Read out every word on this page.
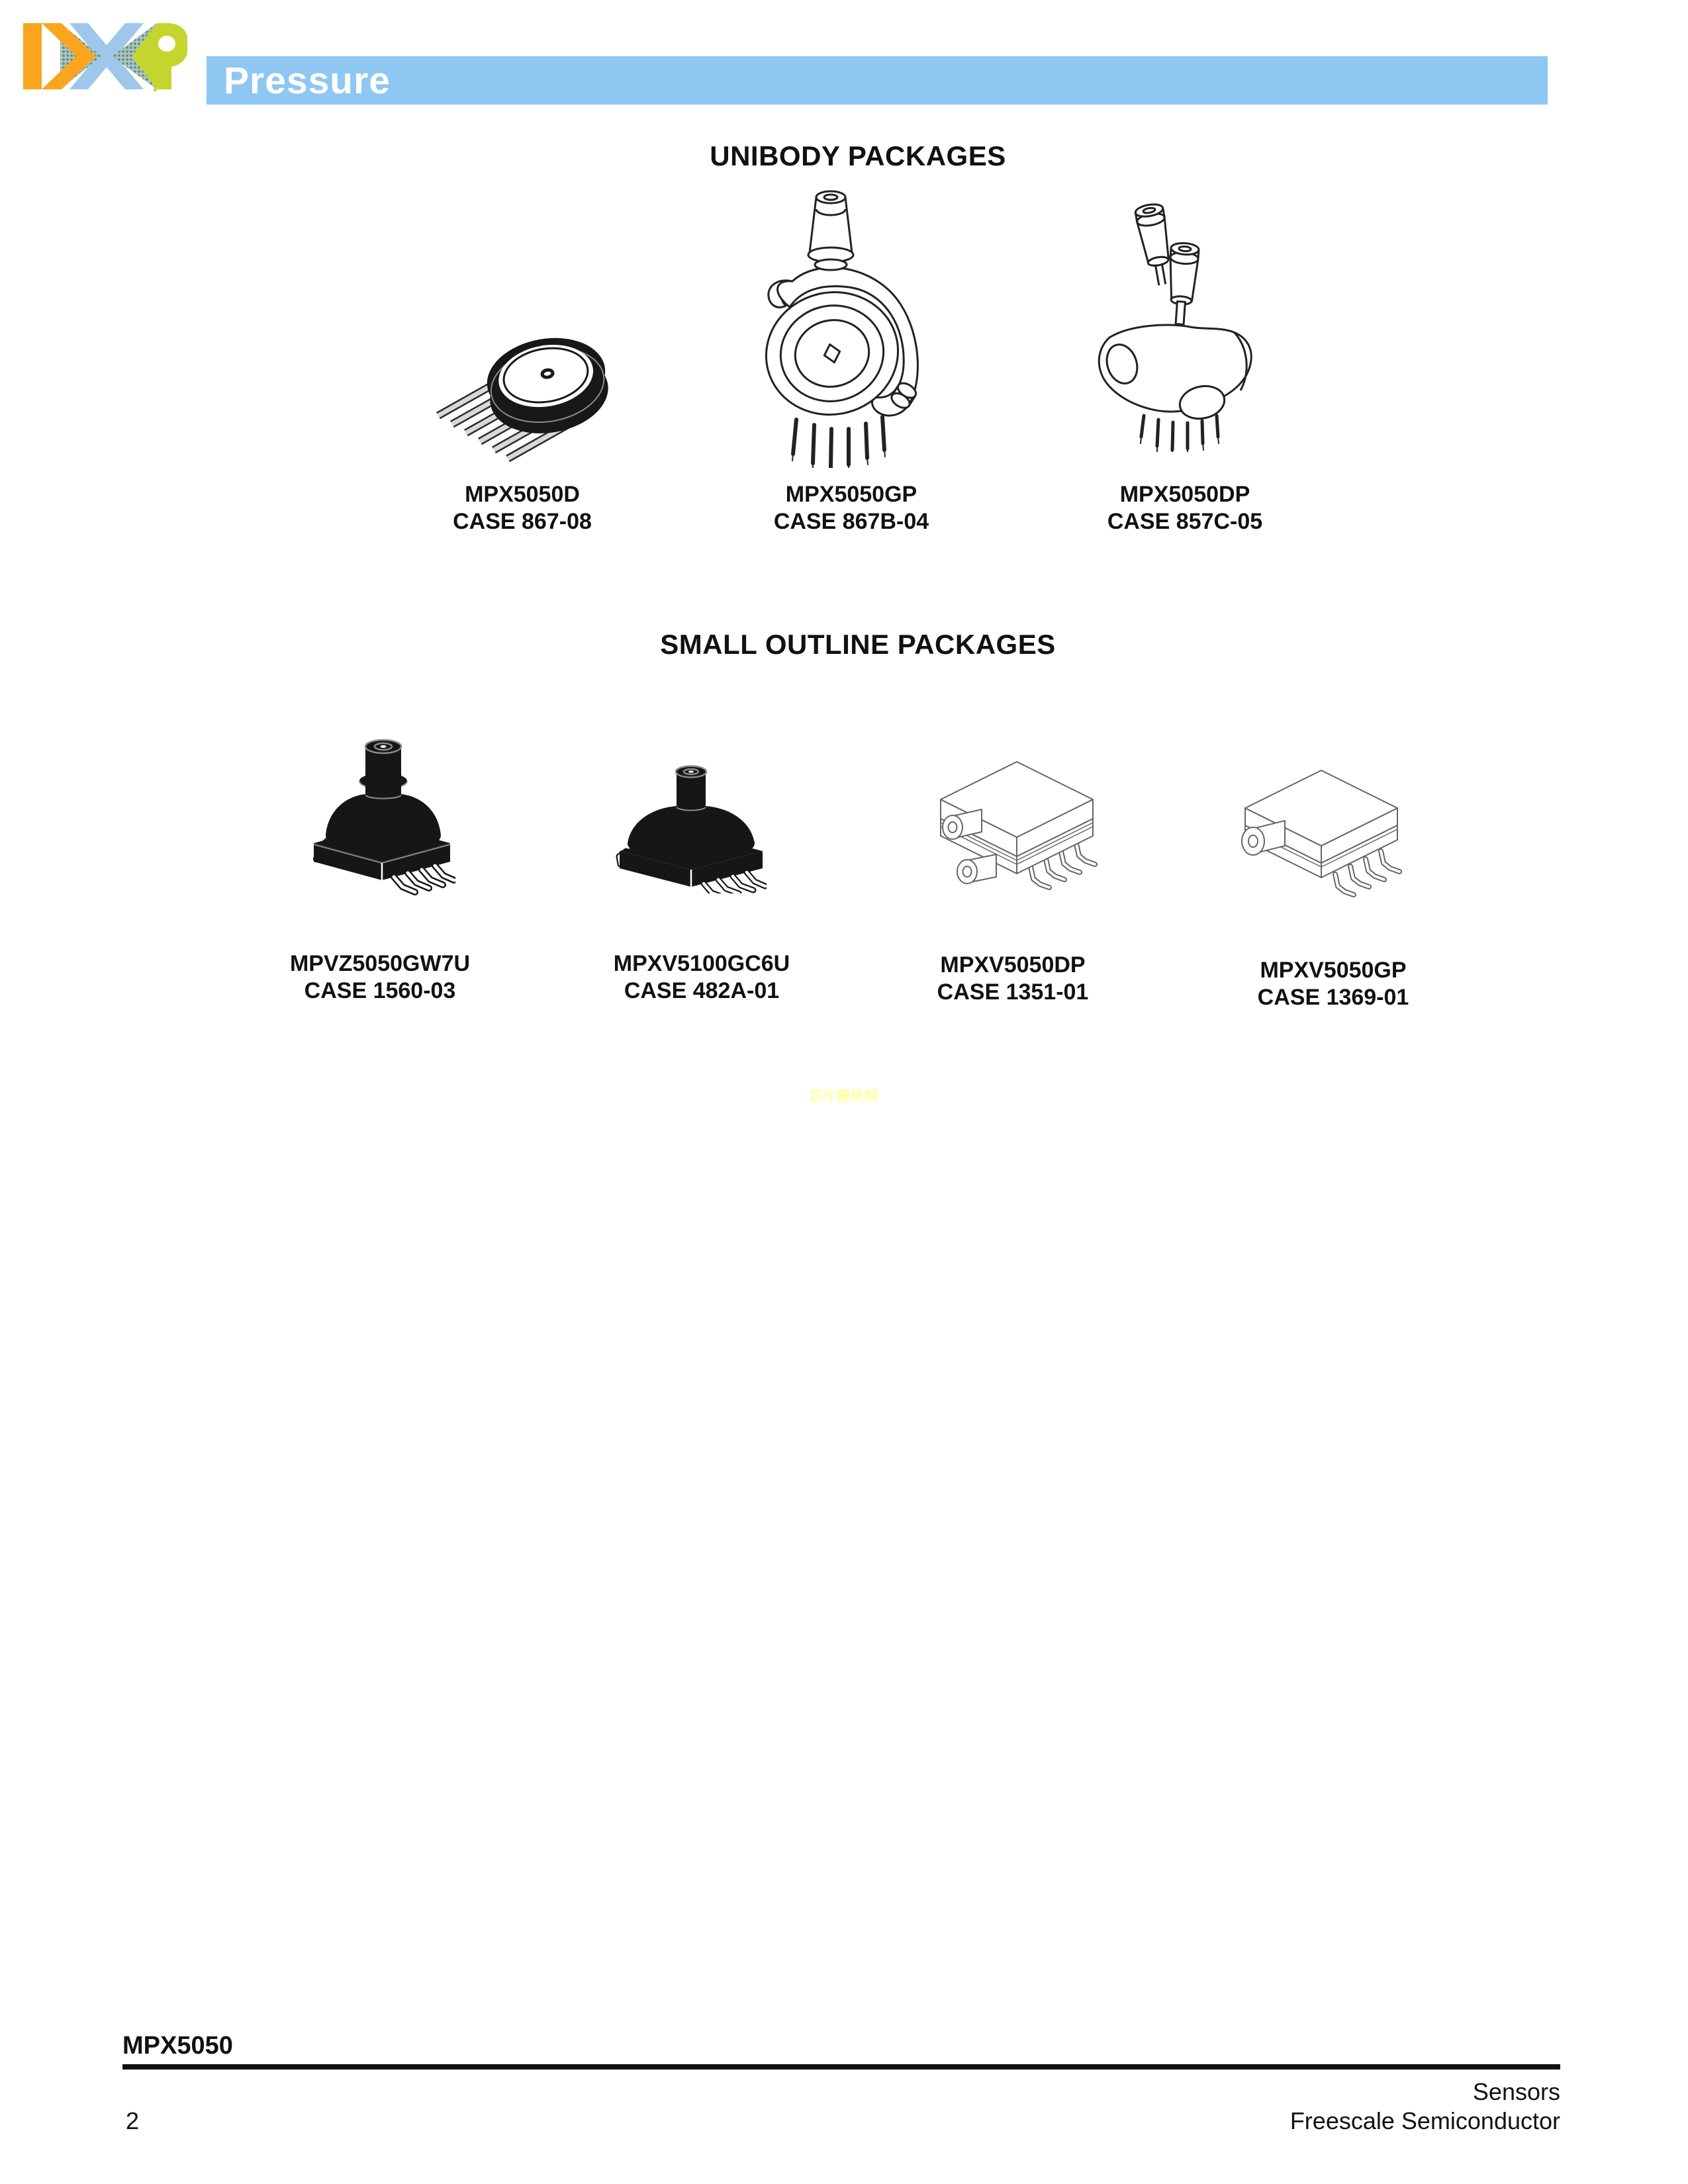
Pressure
UNIBODY PACKAGES
MPX5050D
CASE 867-08
MPX5050GP
CASE 867B-04
MPX5050DP
CASE 857C-05
SMALL OUTLINE PACKAGES
MPVZ5050GW7U
CASE 1560-03
MPXV5100GC6U
CASE 482A-01
MPXV5050DP
CASE 1351-01
MPXV5050GP
CASE 1369-01
芯片模块网
MPX5050
Sensors
Freescale Semiconductor
2
